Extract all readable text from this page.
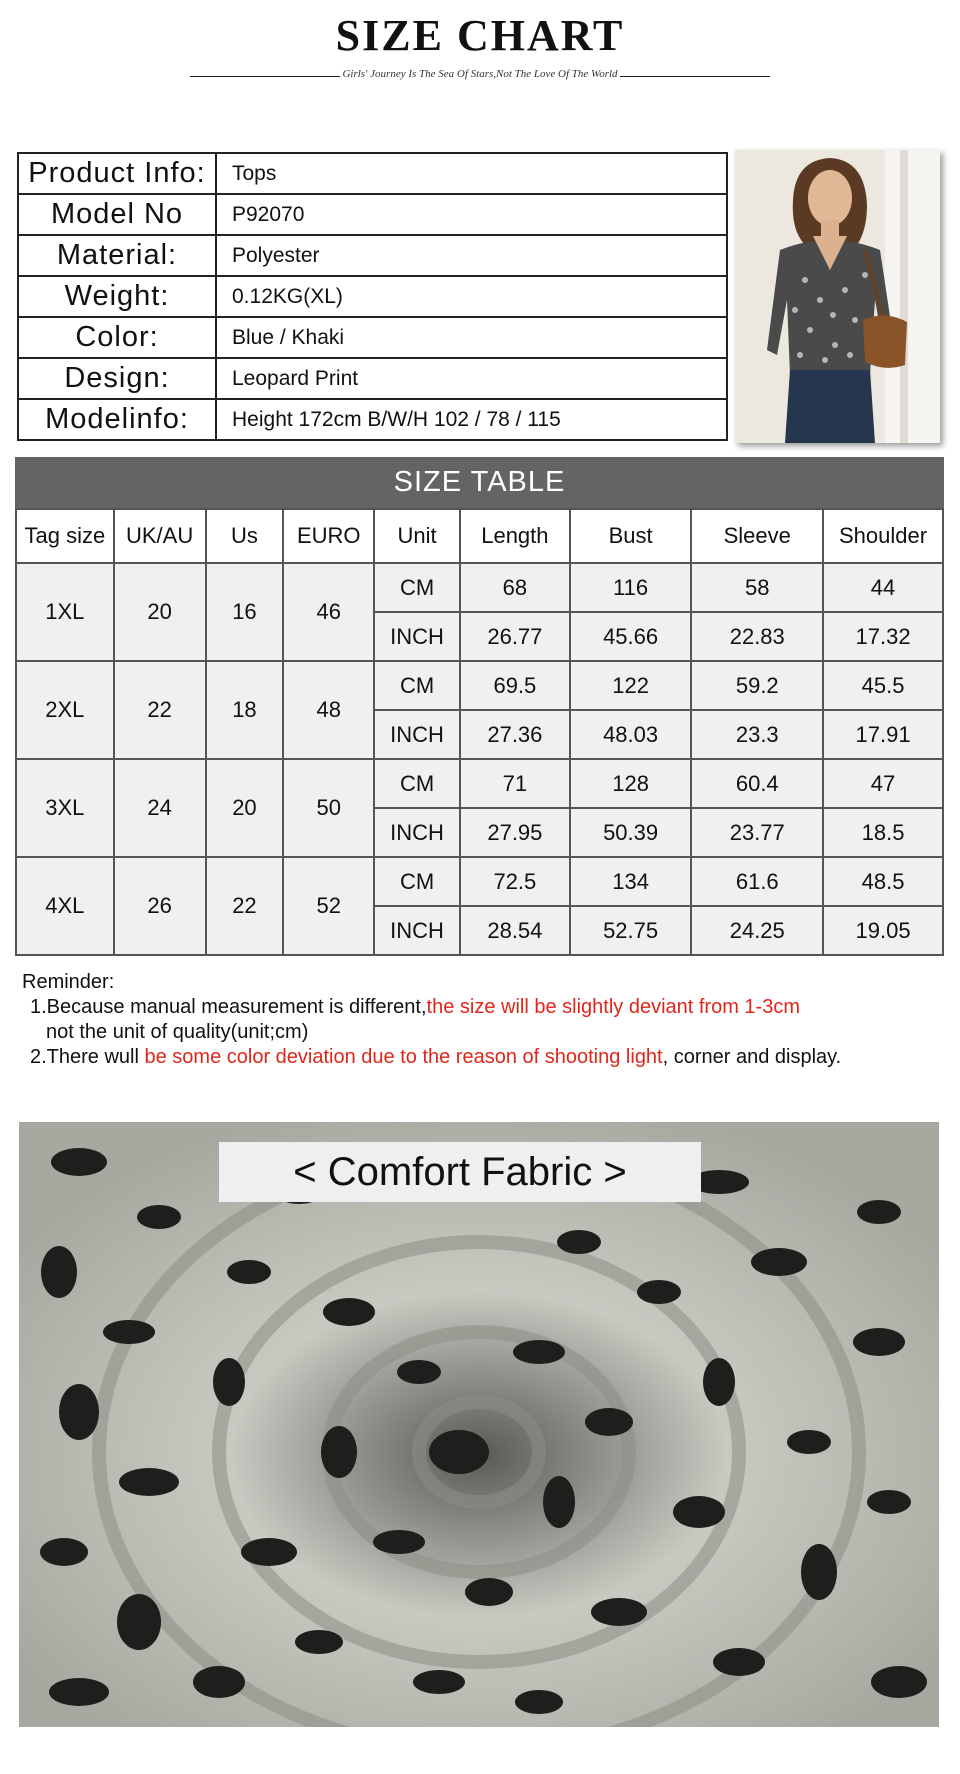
SIZE CHART
Girls' Journey Is The Sea Of Stars,Not The Love Of The World
Product Info:	Tops
Model No	P92070
Material:	Polyester
Weight:	0.12KG(XL)
Color:	Blue / Khaki
Design:	Leopard Print
Modelinfo:	Height 172cm B/W/H 102 / 78 / 115
SIZE TABLE
Tag size	UK/AU	Us	EURO	Unit	Length	Bust	Sleeve	Shoulder
1XL	20	16	46	CM	68	116	58	44
				INCH	26.77	45.66	22.83	17.32
2XL	22	18	48	CM	69.5	122	59.2	45.5
				INCH	27.36	48.03	23.3	17.91
3XL	24	20	50	CM	71	128	60.4	47
				INCH	27.95	50.39	23.77	18.5
4XL	26	22	52	CM	72.5	134	61.6	48.5
				INCH	28.54	52.75	24.25	19.05
Reminder:
1.Because manual measurement is different,the size will be slightly deviant from 1-3cm
not the unit of quality(unit;cm)
2.There wull be some color deviation due to the reason of shooting light, corner and display.
< Comfort Fabric >
